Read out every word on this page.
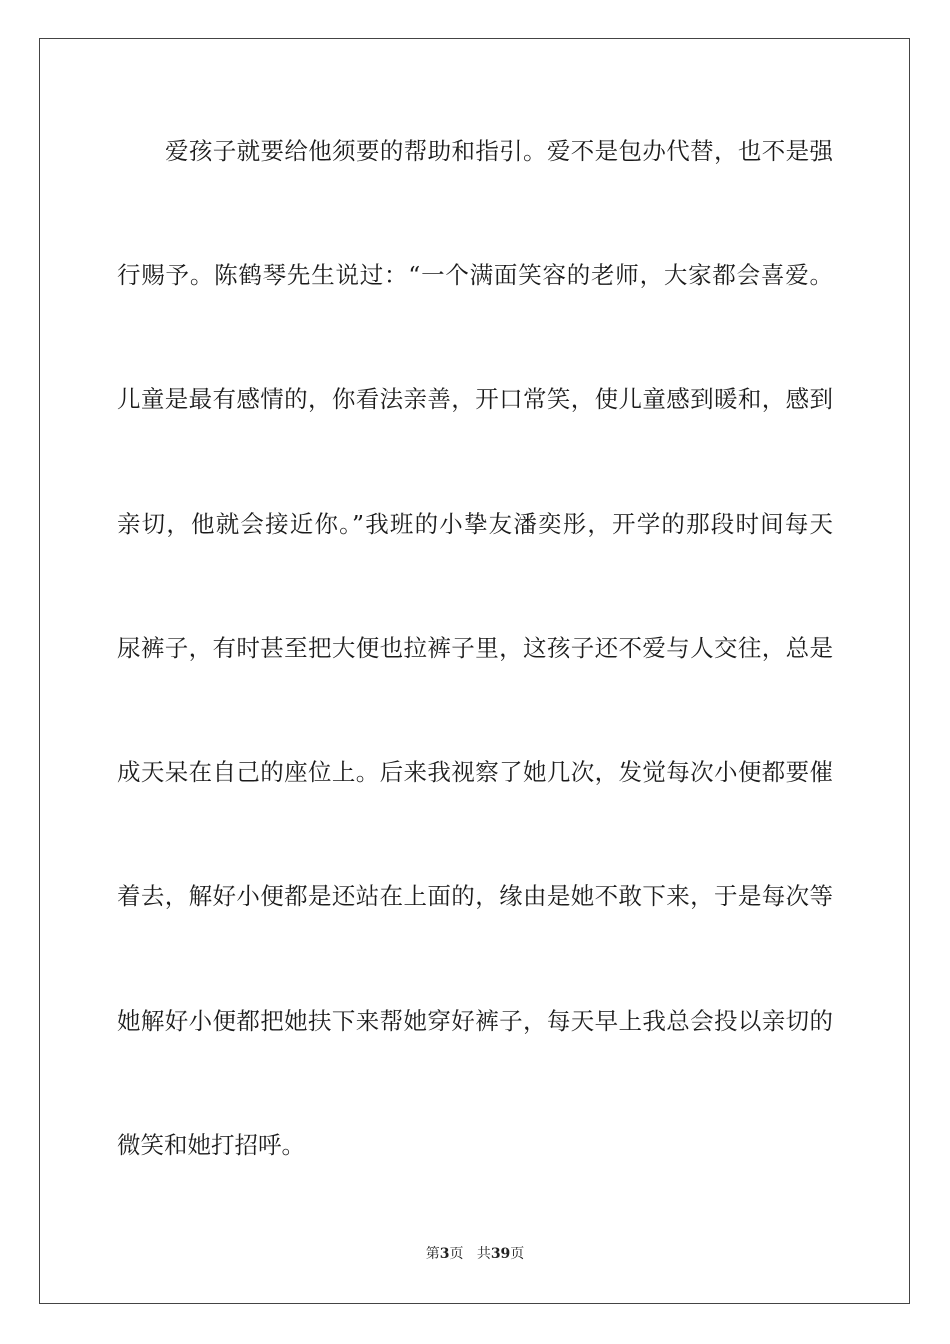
爱孩子就要给他须要的帮助和指引。爱不是包办代替，也不是强
行赐予。陈鹤琴先生说过：“一个满面笑容的老师，大家都会喜爱。
儿童是最有感情的，你看法亲善，开口常笑，使儿童感到暖和，感到
亲切，他就会接近你。”我班的小挚友潘奕彤，开学的那段时间每天
尿裤子，有时甚至把大便也拉裤子里，这孩子还不爱与人交往，总是
成天呆在自己的座位上。后来我视察了她几次，发觉每次小便都要催
着去，解好小便都是还站在上面的，缘由是她不敢下来，于是每次等
她解好小便都把她扶下来帮她穿好裤子，每天早上我总会投以亲切的
微笑和她打招呼。
第3页 共39页
